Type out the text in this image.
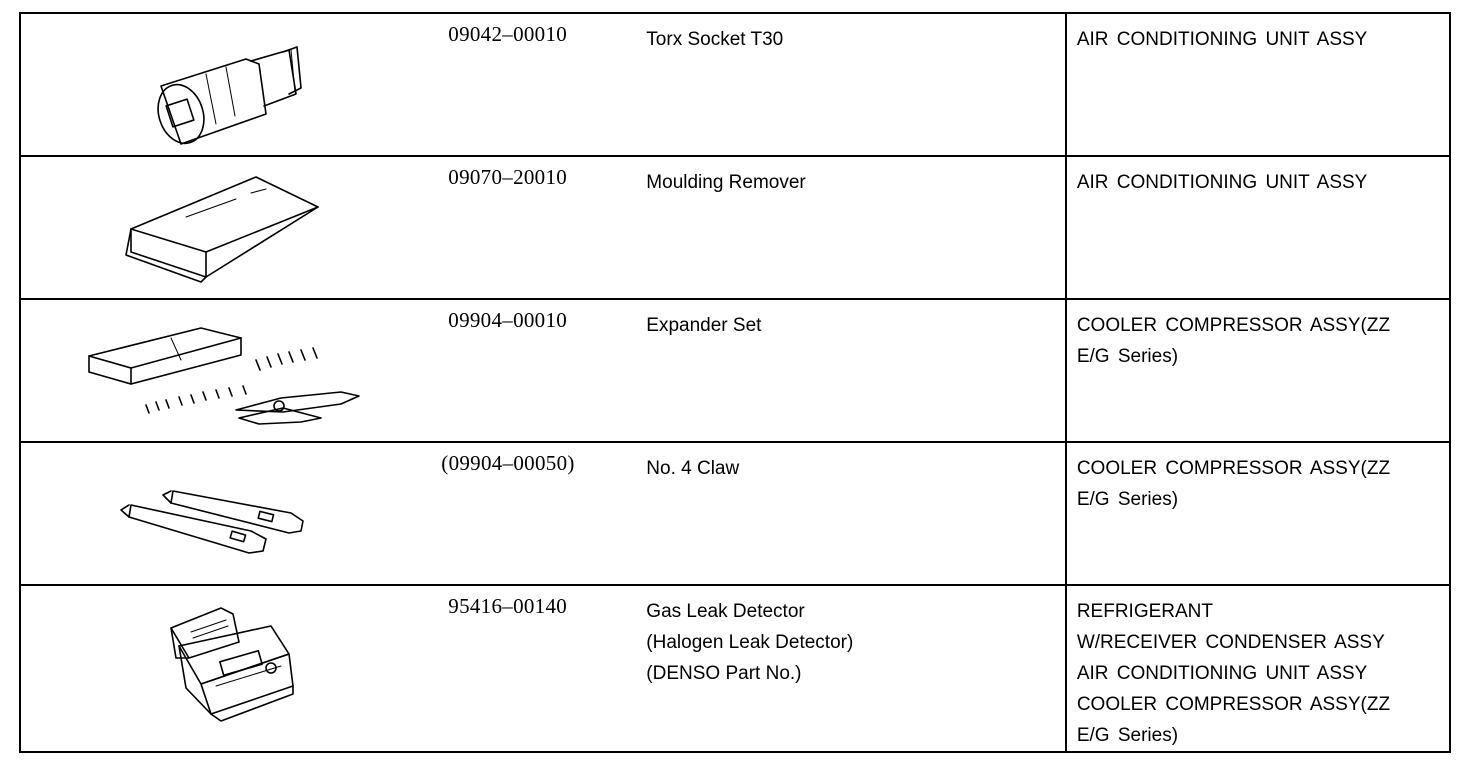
09042–00010	Torx Socket T30	AIR CONDITIONING UNIT ASSY

09070–20010	Moulding Remover	AIR CONDITIONING UNIT ASSY

09904–00010	Expander Set	COOLER COMPRESSOR ASSY(ZZ
E/G Series)

(09904–00050)	No. 4 Claw	COOLER COMPRESSOR ASSY(ZZ
E/G Series)

95416–00140	Gas Leak Detector
(Halogen Leak Detector)
(DENSO Part No.)	REFRIGERANT
W/RECEIVER CONDENSER ASSY
AIR CONDITIONING UNIT ASSY
COOLER COMPRESSOR ASSY(ZZ
E/G Series)
